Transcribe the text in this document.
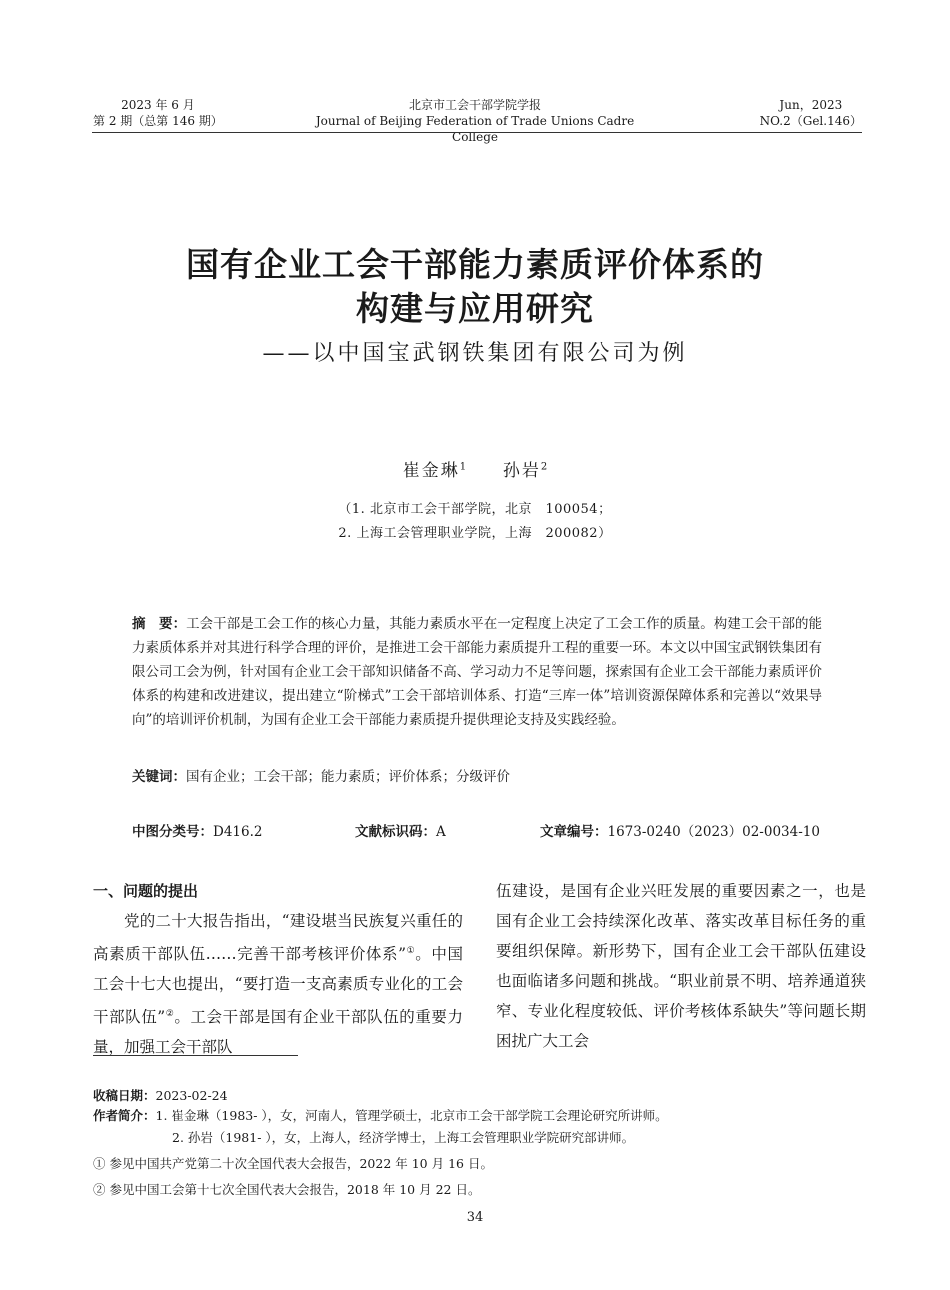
2023 年 6 月
第 2 期（总第 146 期）
北京市工会干部学院学报
Journal of Beijing Federation of Trade Unions Cadre College
Jun，2023
NO.2（Gel.146）
国有企业工会干部能力素质评价体系的
构建与应用研究
——以中国宝武钢铁集团有限公司为例
崔金琳$^1$ 孙岩$^2$
（1. 北京市工会干部学院，北京　100054；
2. 上海工会管理职业学院，上海　200082）
摘　要：工会干部是工会工作的核心力量，其能力素质水平在一定程度上决定了工会工作的质量。构建工会干部的能力素质体系并对其进行科学合理的评价，是推进工会干部能力素质提升工程的重要一环。本文以中国宝武钢铁集团有限公司工会为例，针对国有企业工会干部知识储备不高、学习动力不足等问题，探索国有企业工会干部能力素质评价体系的构建和改进建议，提出建立“阶梯式”工会干部培训体系、打造“三库一体”培训资源保障体系和完善以“效果导向”的培训评价机制，为国有企业工会干部能力素质提升提供理论支持及实践经验。
关键词：国有企业；工会干部；能力素质；评价体系；分级评价
中图分类号：D416.2	文献标识码：A	文章编号：1673-0240（2023）02-0034-10
一、问题的提出
党的二十大报告指出，“建设堪当民族复兴重任的高素质干部队伍……完善干部考核评价体系”①。中国工会十七大也提出，“要打造一支高素质专业化的工会干部队伍”②。工会干部是国有企业干部队伍的重要力量，加强工会干部队
伍建设，是国有企业兴旺发展的重要因素之一，也是国有企业工会持续深化改革、落实改革目标任务的重要组织保障。新形势下，国有企业工会干部队伍建设也面临诸多问题和挑战。“职业前景不明、培养通道狭窄、专业化程度较低、评价考核体系缺失”等问题长期困扰广大工会
收稿日期：2023-02-24
作者简介：1. 崔金琳（1983- ），女，河南人，管理学硕士，北京市工会干部学院工会理论研究所讲师。
2. 孙岩（1981- ），女，上海人，经济学博士，上海工会管理职业学院研究部讲师。
① 参见中国共产党第二十次全国代表大会报告，2022 年 10 月 16 日。
② 参见中国工会第十七次全国代表大会报告，2018 年 10 月 22 日。
34
